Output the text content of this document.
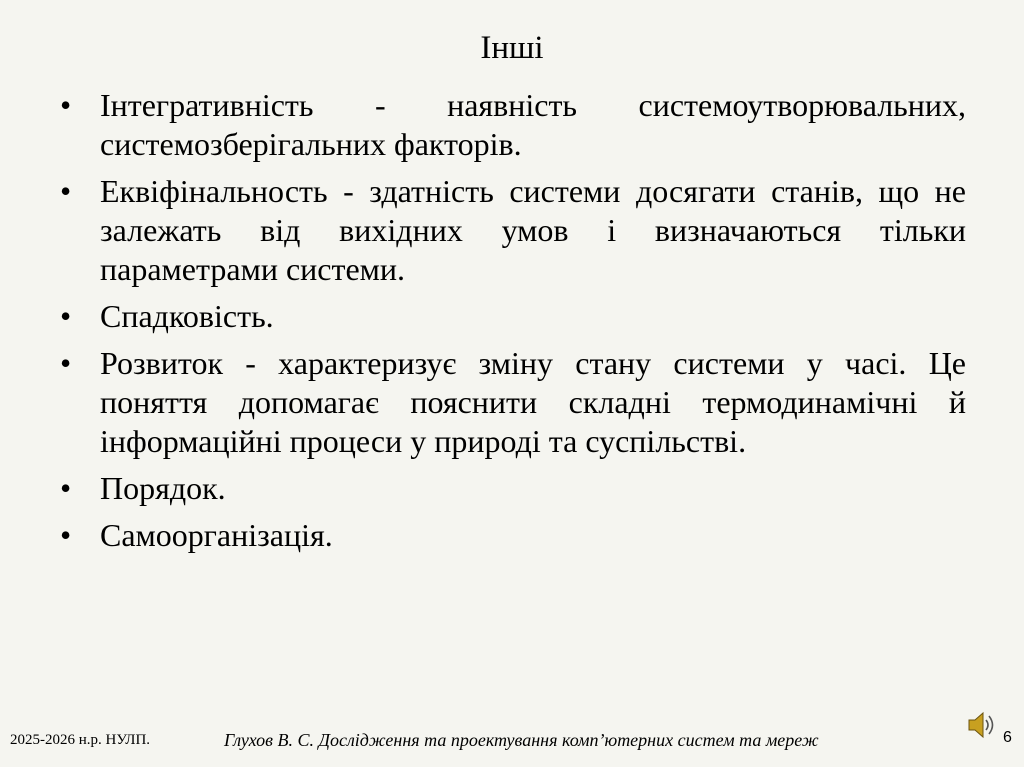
Інші
• Інтегративність - наявність системоутворювальних, системозберігальних факторів.
• Еквіфінальность - здатність системи досягати станів, що не залежать від вихідних умов і визначаються тільки параметрами системи.
• Спадковість.
• Розвиток - характеризує зміну стану системи у часі. Це поняття допомагає пояснити складні термодинамічні й інформаційні процеси у природі та суспільстві.
• Порядок.
• Самоорганізація.
2025-2026 н.р. НУЛП.	Глухов В. С. Дослідження та проектування комп’ютерних систем та мереж	6
